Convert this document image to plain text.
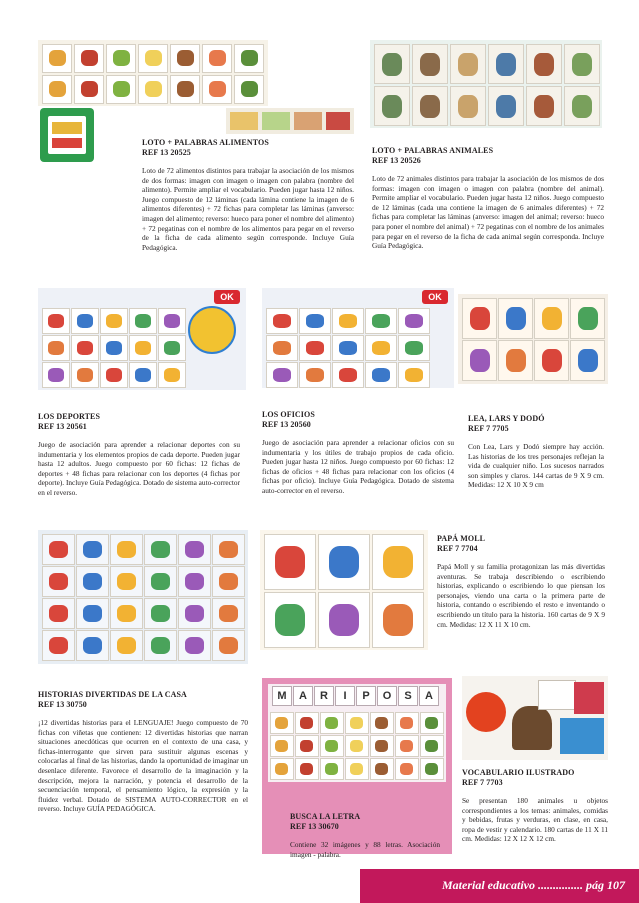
LOTO + PALABRAS ALIMENTOS
REF 13 20525
Loto de 72 alimentos distintos para trabajar la asociación de los mismos de dos formas: imagen con imagen o imagen con palabra (nombre del alimento). Permite ampliar el vocabulario. Pueden jugar hasta 12 niños. Juego compuesto de 12 láminas (cada lámina contiene la imagen de 6 alimentos diferentes) + 72 fichas para completar las láminas (anverso: imagen del alimento; reverso: hueco para poner el nombre del alimento) + 72 pegatinas con el nombre de los alimentos para pegar en el reverso de la ficha de cada alimento según corresponde. Incluye Guía Pedagógica.
LOTO + PALABRAS ANIMALES
REF 13 20526
Loto de 72 animales distintos para trabajar la asociación de los mismos de dos formas: imagen con imagen o imagen con palabra (nombre del animal). Permite ampliar el vocabulario. Pueden jugar hasta 12 niños. Juego compuesto de 12 láminas (cada una contiene la imagen de 6 animales diferentes) + 72 fichas para completar las láminas (anverso: imagen del animal; reverso: hueco para poner el nombre del animal) + 72 pegatinas con el nombre de los animales para pegar en el reverso de la ficha de cada animal según corresponda. Incluye Guía Pedagógica.
OK	OK
LOS DEPORTES
REF 13 20561
Juego de asociación para aprender a relacionar deportes con su indumentaria y los elementos propios de cada deporte. Pueden jugar hasta 12 adultos. Juego compuesto por 60 fichas: 12 fichas de deportes + 48 fichas para relacionar con los deportes (4 fichas por deporte). Incluye Guía Pedagógica. Dotado de sistema auto-corrector en el reverso.
LOS OFICIOS
REF 13 20560
Juego de asociación para aprender a relacionar oficios con su indumentaria y los útiles de trabajo propios de cada oficio. Pueden jugar hasta 12 niños. Juego compuesto por 60 fichas: 12 fichas de oficios + 48 fichas para relacionar con los oficios (4 fichas por oficio). Incluye Guía Pedagógica. Dotado de sistema auto-corrector en el reverso.
LEA, LARS Y DODÓ
REF 7 7705
Con Lea, Lars y Dodó siempre hay acción. Las historias de los tres personajes reflejan la vida de cualquier niño. Los sucesos narrados son simples y claros. 144 cartas de 9 X 9 cm. Medidas: 12 X 10 X 9 cm
PAPÁ MOLL
REF 7 7704
Papá Moll y su familia protagonizan las más divertidas aventuras. Se trabaja describiendo o escribiendo historias, explicando o escribiendo lo que piensan los personajes, viendo una carta o la primera parte de historia, contando o escribiendo el resto e inventando o escribiendo un título para la historia. 160 cartas de 9 X 9 cm. Medidas: 12 X 11 X 10 cm.
HISTORIAS DIVERTIDAS DE LA CASA
REF 13 30750
¡12 divertidas historias para el LENGUAJE! Juego compuesto de 70 fichas con viñetas que contienen: 12 divertidas historias que narran situaciones anecdóticas que ocurren en el contexto de una casa, y fichas-interrogante que sirven para sustituir algunas escenas y colocarlas al final de las historias, dando la oportunidad de imaginar un desenlace diferente. Favorece el desarrollo de la imaginación y la descripción, mejora la narración, y potencia el desarrollo de la secuenciación temporal, el pensamiento lógico, la expresión y la fluidez verbal. Dotado de SISTEMA AUTO-CORRECTOR en el reverso. Incluye GUÍA PEDAGÓGICA.
M	A	R	I	P	O	S	A
BUSCA LA LETRA
REF 13 30670
Contiene 32 imágenes y 88 letras. Asociación imagen - palabra.
VOCABULARIO ILUSTRADO
REF 7 7703
Se presentan 180 animales u objetos correspondientes a los temas: animales, comidas y bebidas, frutas y verduras, en clase, en casa, ropa de vestir y calendario. 180 cartas de 11 X 11 cm. Medidas: 12 X 12 X 12 cm.
Material educativo ............... pág 107
